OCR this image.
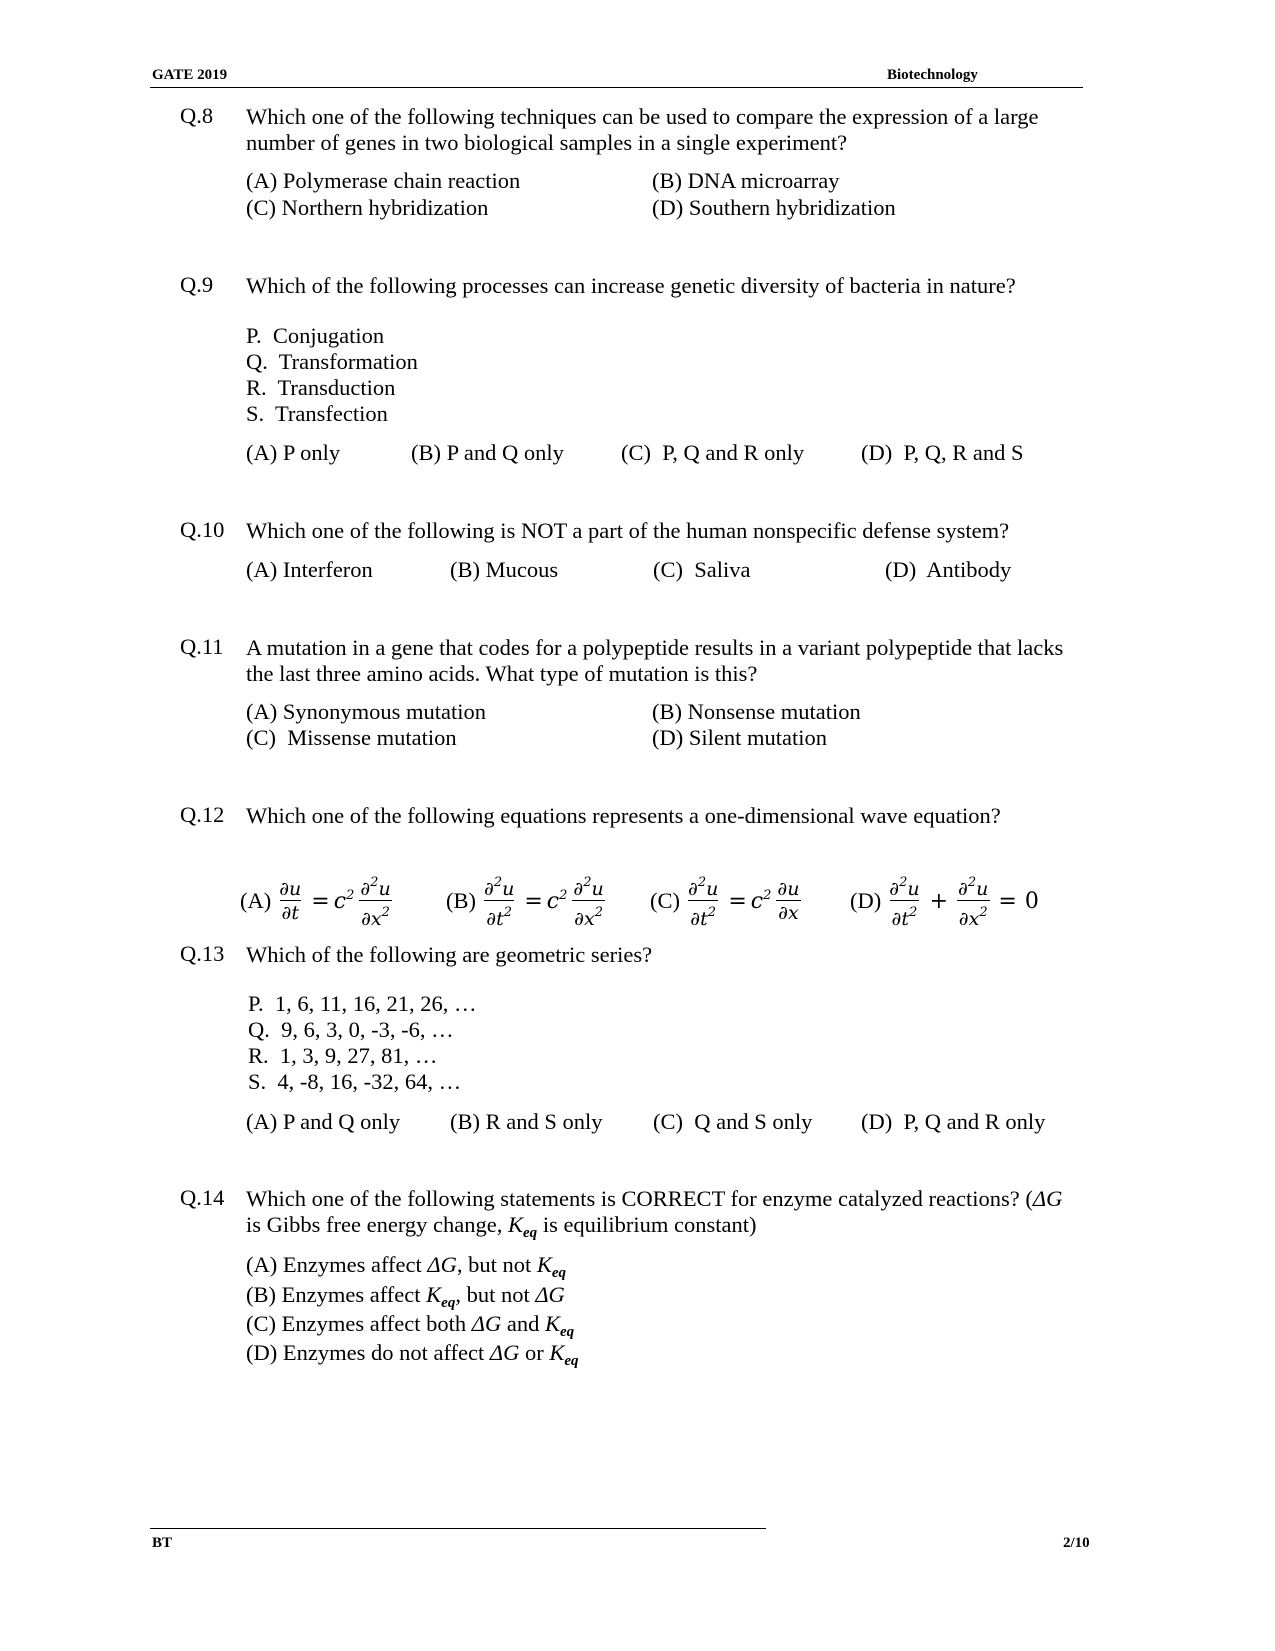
GATE 2019	Biotechnology
Q.8 Which one of the following techniques can be used to compare the expression of a large
number of genes in two biological samples in a single experiment?
(A) Polymerase chain reaction	(B) DNA microarray
(C) Northern hybridization	(D) Southern hybridization
Q.9 Which of the following processes can increase genetic diversity of bacteria in nature?
P.  Conjugation
Q.  Transformation
R.  Transduction
S.  Transfection
(A) P only	(B) P and Q only	(C)  P, Q and R only	(D)  P, Q, R and S
Q.10 Which one of the following is NOT a part of the human nonspecific defense system?
(A) Interferon	(B) Mucous	(C)  Saliva	(D)  Antibody
Q.11 A mutation in a gene that codes for a polypeptide results in a variant polypeptide that lacks
the last three amino acids. What type of mutation is this?
(A) Synonymous mutation	(B) Nonsense mutation
(C)  Missense mutation	(D) Silent mutation
Q.12 Which one of the following equations represents a one-dimensional wave equation?
$(A) \frac{\partial u}{\partial t} = c^2 \frac{\partial^2u}{\partial x^2} (B) \frac{\partial^2u}{\partial t^2} = c^2 \frac{\partial^2u}{\partial x^2} (C) \frac{\partial^2u}{\partial t^2} = c^2 \frac{\partial u}{\partial x} (D) \frac{\partial^2u}{\partial t^2} + \frac{\partial^2u}{\partial x^2} = 0$
Q.13 Which of the following are geometric series?
P.  1, 6, 11, 16, 21, 26, …
Q.  9, 6, 3, 0, -3, -6, …
R.  1, 3, 9, 27, 81, …
S.  4, -8, 16, -32, 64, …
(A) P and Q only (B) R and S only (C)  Q and S only (D)  P, Q and R only
Q.14 Which one of the following statements is CORRECT for enzyme catalyzed reactions? (ΔG
is Gibbs free energy change, $K_{eq}$ is equilibrium constant)
(A) Enzymes affect ΔG, but not $K_{eq}$
(B) Enzymes affect $K_{eq}$, but not ΔG
(C) Enzymes affect both ΔG and $K_{eq}$
(D) Enzymes do not affect ΔG or $K_{eq}$
BT	2/10
